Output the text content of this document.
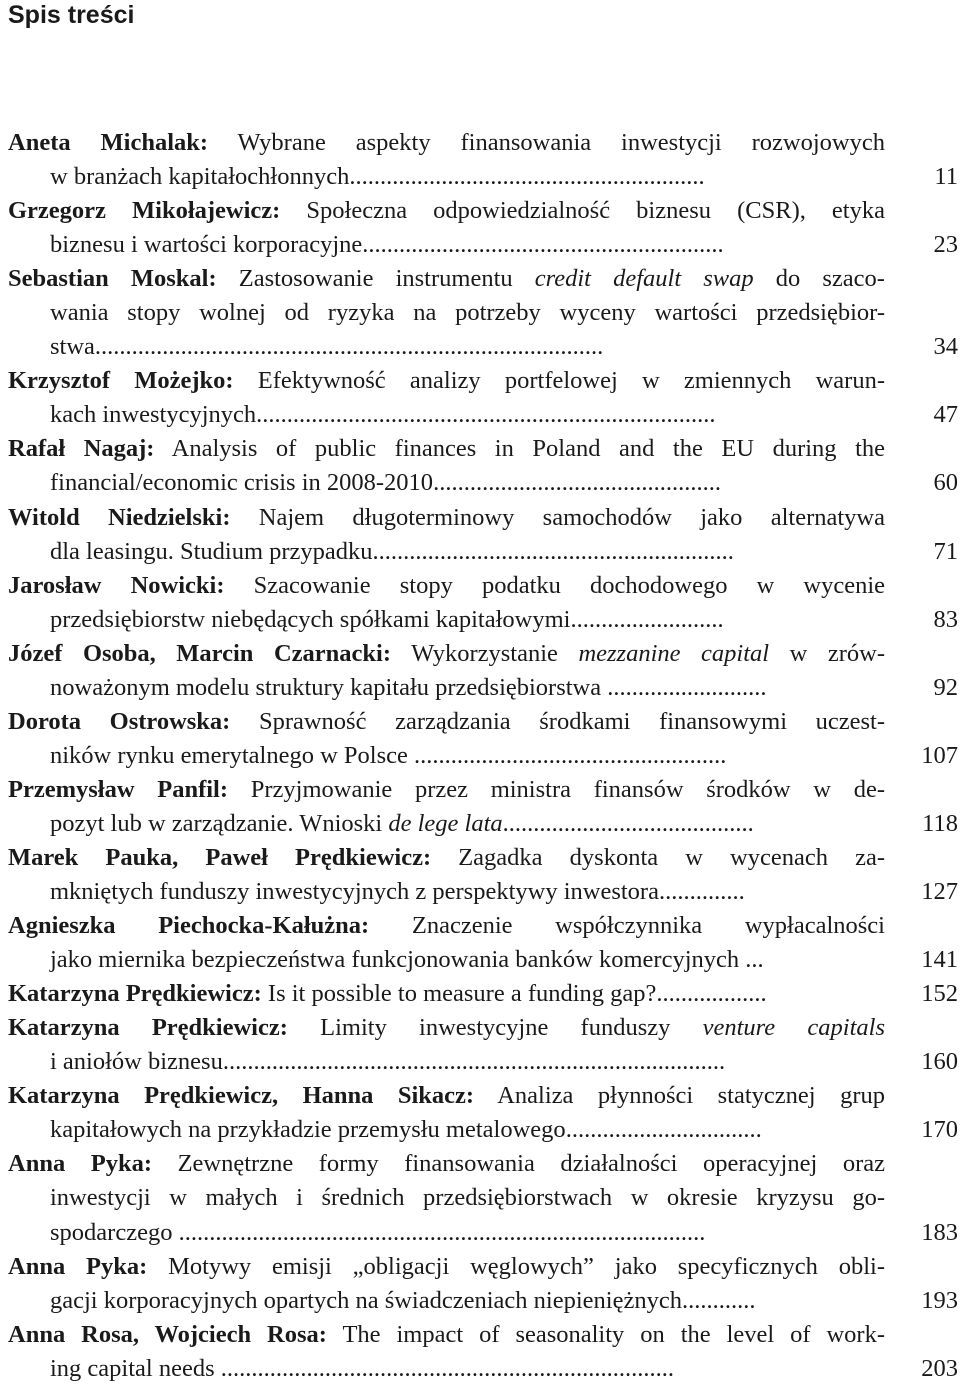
Spis treści
Aneta Michalak: Wybrane aspekty finansowania inwestycji rozwojowych
w branżach kapitałochłonnych..........................................................	11
Grzegorz Mikołajewicz: Społeczna odpowiedzialność biznesu (CSR), etyka
biznesu i wartości korporacyjne...........................................................	23
Sebastian Moskal: Zastosowanie instrumentu credit default swap do szaco-
wania stopy wolnej od ryzyka na potrzeby wyceny wartości przedsiębior-
stwa...................................................................................	34
Krzysztof Możejko: Efektywność analizy portfelowej w zmiennych warun-
kach inwestycyjnych...........................................................................	47
Rafał Nagaj: Analysis of public finances in Poland and the EU during the
financial/economic crisis in 2008-2010...............................................	60
Witold Niedzielski: Najem długoterminowy samochodów jako alternatywa
dla leasingu. Studium przypadku...........................................................	71
Jarosław Nowicki: Szacowanie stopy podatku dochodowego w wycenie
przedsiębiorstw niebędących spółkami kapitałowymi.........................	83
Józef Osoba, Marcin Czarnacki: Wykorzystanie mezzanine capital w zrów-
noważonym modelu struktury kapitału przedsiębiorstwa ..........................	92
Dorota Ostrowska: Sprawność zarządzania środkami finansowymi uczest-
ników rynku emerytalnego w Polsce ...................................................	107
Przemysław Panfil: Przyjmowanie przez ministra finansów środków w de-
pozyt lub w zarządzanie. Wnioski de lege lata.........................................	118
Marek Pauka, Paweł Prędkiewicz: Zagadka dyskonta w wycenach za-
mkniętych funduszy inwestycyjnych z perspektywy inwestora..............	127
Agnieszka Piechocka-Kałużna: Znaczenie współczynnika wypłacalności
jako miernika bezpieczeństwa funkcjonowania banków komercyjnych ...	141
Katarzyna Prędkiewicz: Is it possible to measure a funding gap?..................	152
Katarzyna Prędkiewicz: Limity inwestycyjne funduszy venture capitals
i aniołów biznesu..................................................................................	160
Katarzyna Prędkiewicz, Hanna Sikacz: Analiza płynności statycznej grup
kapitałowych na przykładzie przemysłu metalowego................................	170
Anna Pyka: Zewnętrzne formy finansowania działalności operacyjnej oraz
inwestycji w małych i średnich przedsiębiorstwach w okresie kryzysu go-
spodarczego ......................................................................................	183
Anna Pyka: Motywy emisji „obligacji węglowych” jako specyficznych obli-
gacji korporacyjnych opartych na świadczeniach niepieniężnych............	193
Anna Rosa, Wojciech Rosa: The impact of seasonality on the level of work-
ing capital needs ..........................................................................	203
